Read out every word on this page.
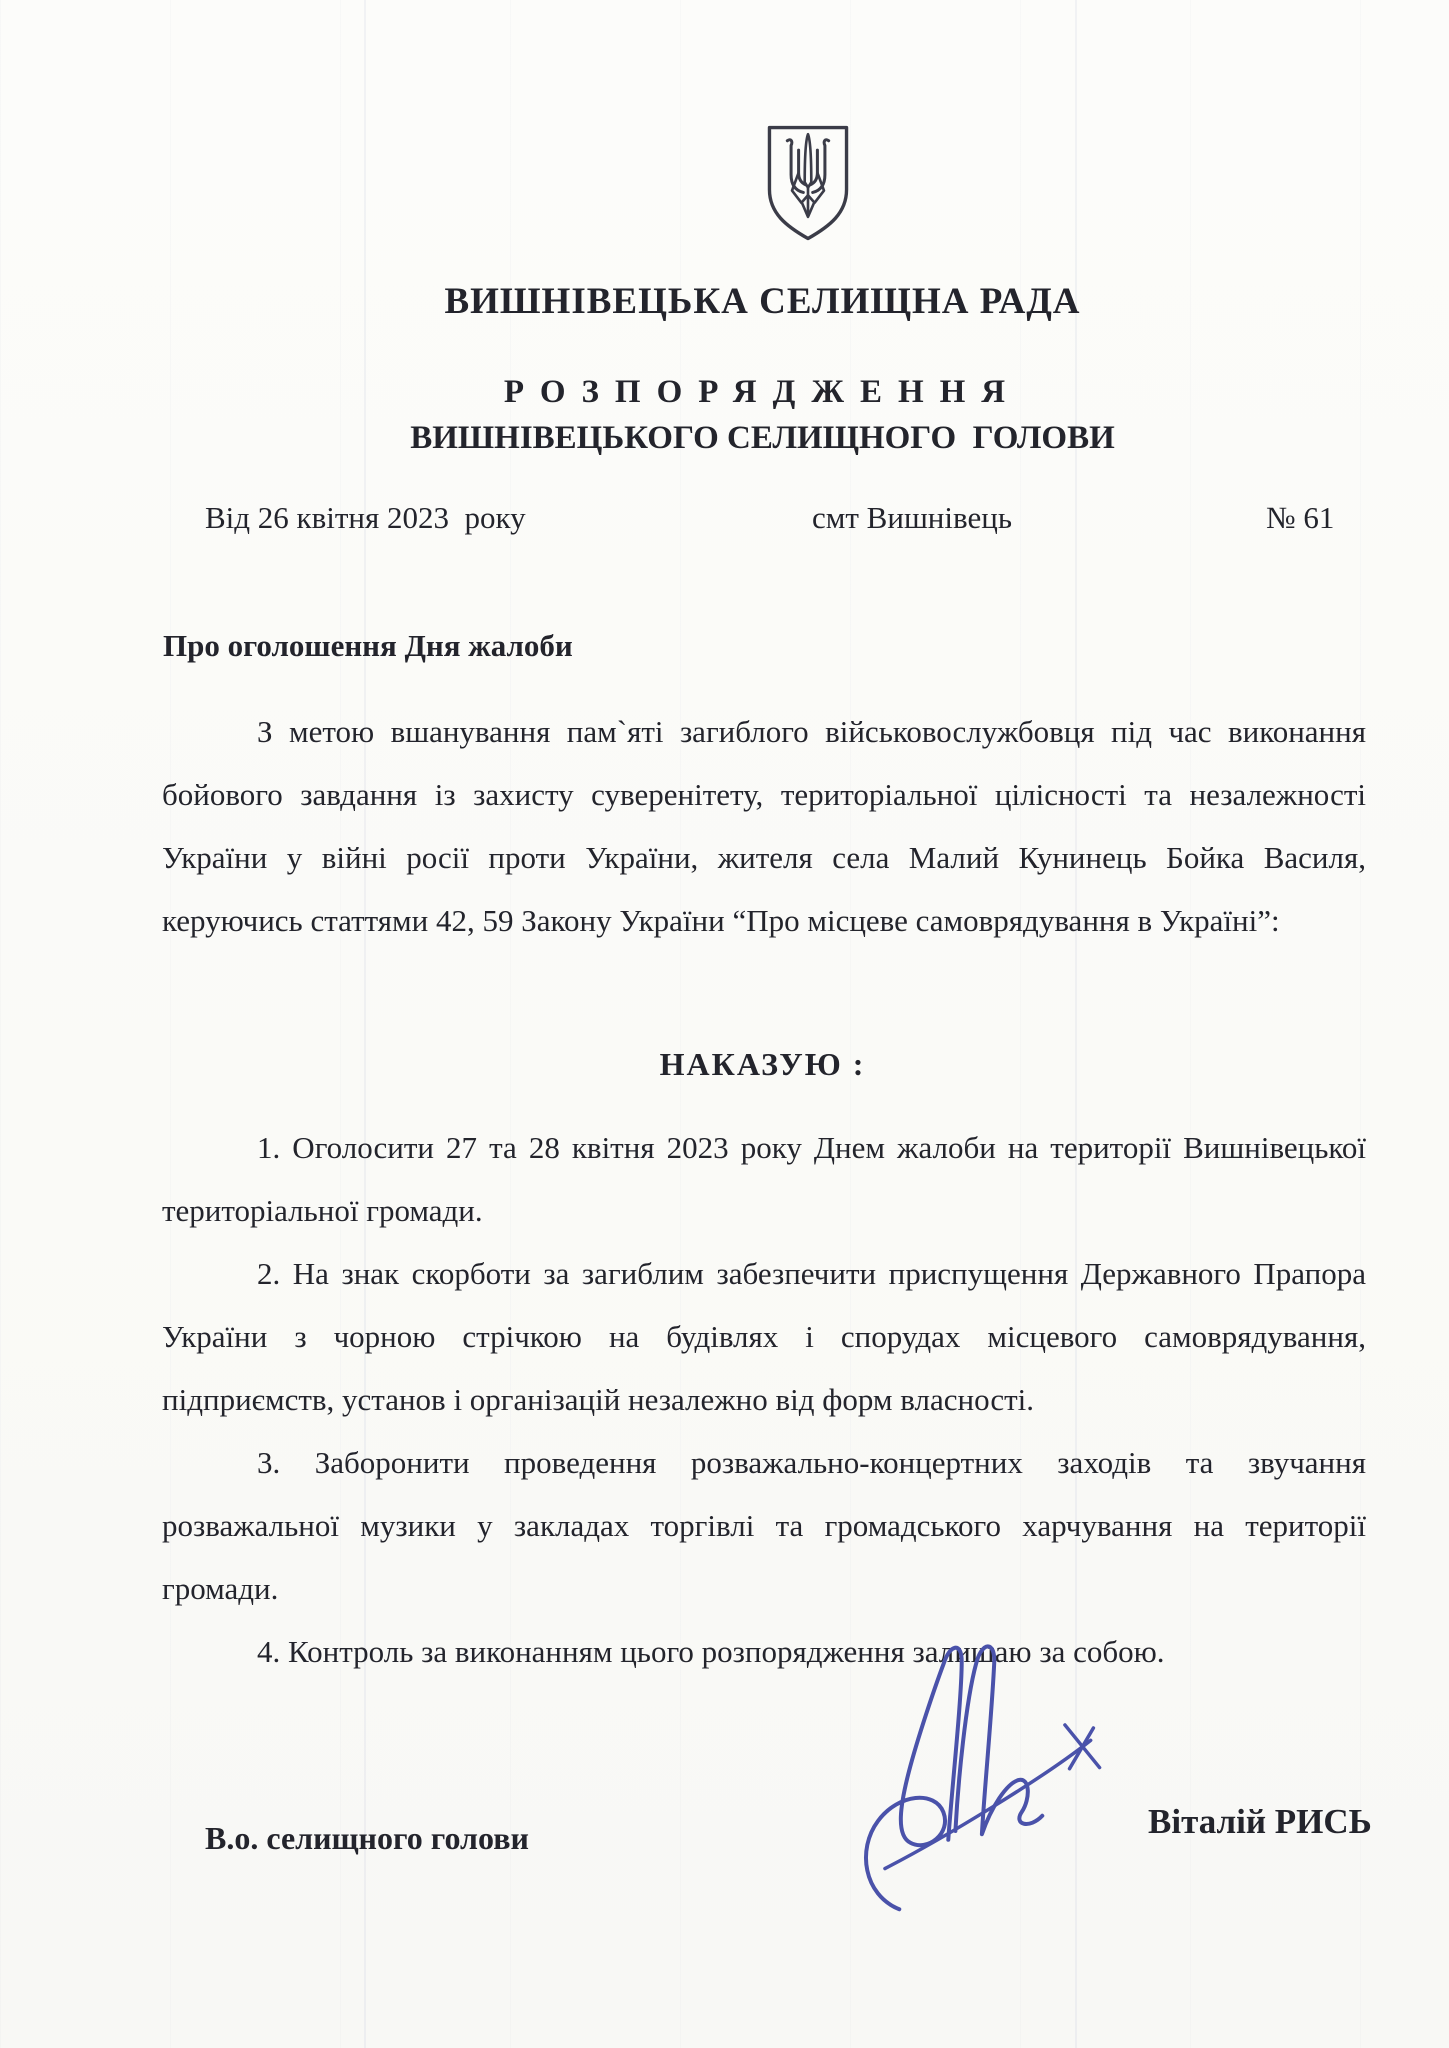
ВИШНІВЕЦЬКА СЕЛИЩНА РАДА
РОЗПОРЯДЖЕННЯ
ВИШНІВЕЦЬКОГО СЕЛИЩНОГО  ГОЛОВИ
Від 26 квітня 2023  року	смт Вишнівець	№ 61
Про оголошення Дня жалоби

З метою вшанування пам`яті загиблого військовослужбовця під час виконання бойового завдання із захисту суверенітету, територіальної цілісності та незалежності України у війні росії проти України, жителя села Малий Кунинець Бойка Василя, керуючись статтями 42, 59 Закону України “Про місцеве самоврядування в Україні”:

НАКАЗУЮ :

1. Оголосити 27 та 28 квітня 2023 року Днем жалоби на території Вишнівецької територіальної громади.

2. На знак скорботи за загиблим забезпечити приспущення Державного Прапора України з чорною стрічкою на будівлях і спорудах місцевого самоврядування, підприємств, установ і організацій незалежно від форм власності.

3. Заборонити проведення розважально-концертних заходів та звучання розважальної музики у закладах торгівлі та громадського харчування на території громади.

4. Контроль за виконанням цього розпорядження залишаю за собою.

В.о. селищного голови	Віталій РИСЬ
